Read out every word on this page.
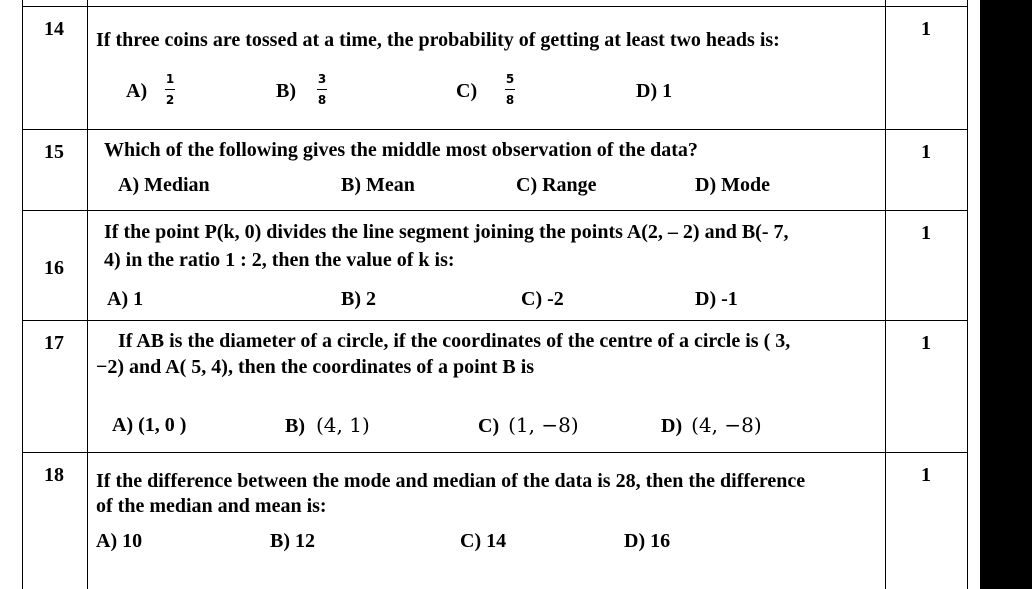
14 If three coins are tossed at a time, the probability of getting at least two heads is:
A)
1
2	B)
3
8	C)
5
8	D) 1
1
15 Which of the following gives the middle most observation of the data?
A) Median	B) Mean	C) Range	D) Mode
1
16
If the point P(k, 0) divides the line segment joining the points A(2, – 2) and B(- 7,
4) in the ratio 1 : 2, then the value of k is:
A) 1	B) 2	C) -2	D) -1
1
17	If AB is the diameter of a circle, if the coordinates of the centre of a circle is ( 3,
−2) and A( 5, 4), then the coordinates of a point B is
A) (1, 0 )	B) (4, 1)	C) (1, −8)	D) (4, −8)
1
18 If the difference between the mode and median of the data is 28, then the difference
of the median and mean is:
A) 10	B) 12	C) 14	D) 16
1
